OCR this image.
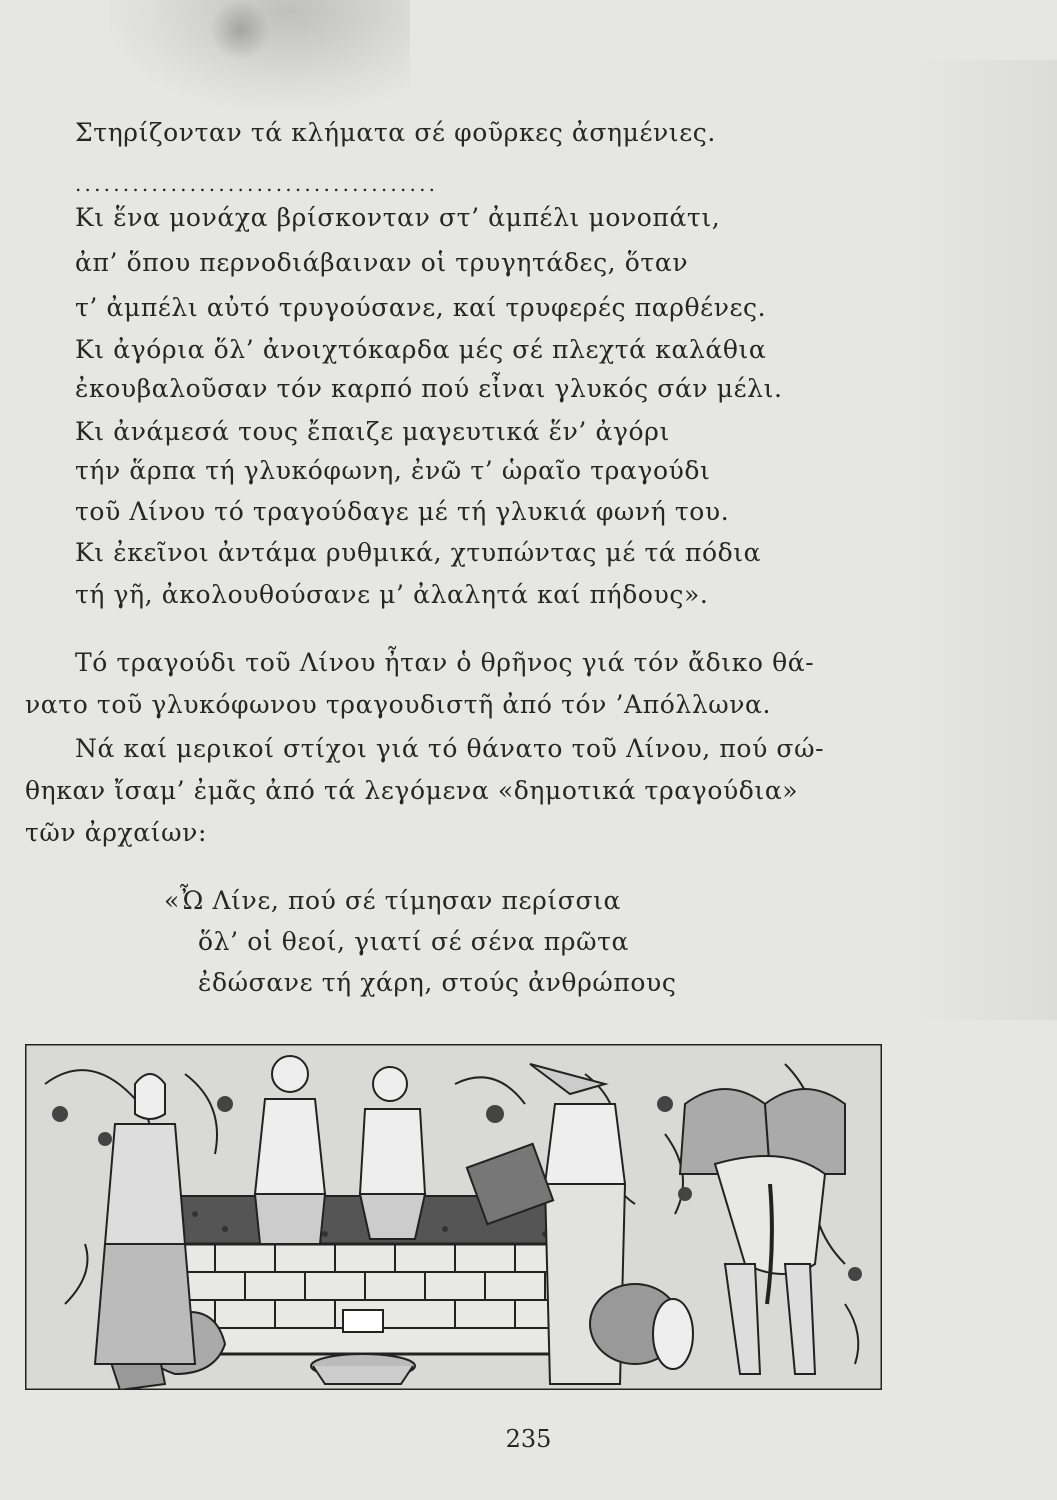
Στηρίζονταν τά κλήματα σέ φοῦρκες ἀσημένιες.
......................................
Κι ἕνα μονάχα βρίσκονταν στ’ ἀμπέλι μονοπάτι,
ἀπ’ ὅπου περνοδιάβαιναν οἱ τρυγητάδες, ὅταν
τ’ ἀμπέλι αὐτό τρυγούσανε, καί τρυφερές παρθένες.
Κι ἀγόρια ὅλ’ ἀνοιχτόκαρδα μές σέ πλεχτά καλάθια
ἐκουβαλοῦσαν τόν καρπό πού εἶναι γλυκός σάν μέλι.
Κι ἀνάμεσά τους ἔπαιζε μαγευτικά ἕν’ ἀγόρι
τήν ἅρπα τή γλυκόφωνη, ἐνῶ τ’ ὡραῖο τραγούδι
τοῦ Λίνου τό τραγούδαγε μέ τή γλυκιά φωνή του.
Κι ἐκεῖνοι ἀντάμα ρυθμικά, χτυπώντας μέ τά πόδια
τή γῆ, ἀκολουθούσανε μ’ ἀλαλητά καί πήδους».
Τό τραγούδι τοῦ Λίνου ἦταν ὁ θρῆνος γιά τόν ἄδικο θά-
νατο τοῦ γλυκόφωνου τραγουδιστῆ ἀπό τόν ’Απόλλωνα.
Νά καί μερικοί στίχοι γιά τό θάνατο τοῦ Λίνου, πού σώ-
θηκαν ἴσαμ’ ἐμᾶς ἀπό τά λεγόμενα «δημοτικά τραγούδια»
τῶν ἀρχαίων:
«Ὦ Λίνε, πού σέ τίμησαν περίσσια
ὅλ’ οἱ θεοί, γιατί σέ σένα πρῶτα
ἐδώσανε τή χάρη, στούς ἀνθρώπους
235
